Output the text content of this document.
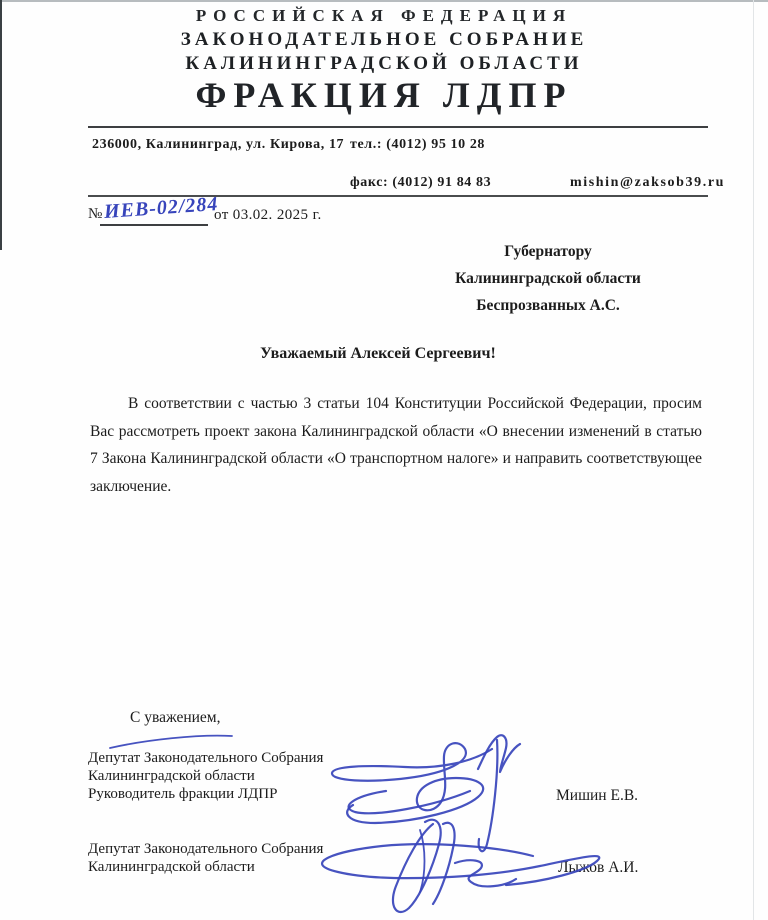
РОССИЙСКАЯ ФЕДЕРАЦИЯ
ЗАКОНОДАТЕЛЬНОЕ СОБРАНИЕ
КАЛИНИНГРАДСКОЙ ОБЛАСТИ
ФРАКЦИЯ ЛДПР
236000, Калининград, ул. Кирова, 17 тел.: (4012) 95 10 28
факс: (4012) 91 84 83	mishin@zaksob39.ru
№ ИЕВ-02/284
от 03.02. 2025 г.
Губернатору
Калининградской области
Беспрозванных А.С.
Уважаемый Алексей Сергеевич!
В соответствии с частью 3 статьи 104 Конституции Российской Федерации, просим Вас рассмотреть проект закона Калининградской области «О внесении изменений в статью 7 Закона Калининградской области «О транспортном налоге» и направить соответствующее заключение.
С уважением,
Депутат Законодательного Собрания
Калининградской области
Руководитель фракции ЛДПР	Мишин Е.В.
Депутат Законодательного Собрания
Калининградской области	Лыжов А.И.
